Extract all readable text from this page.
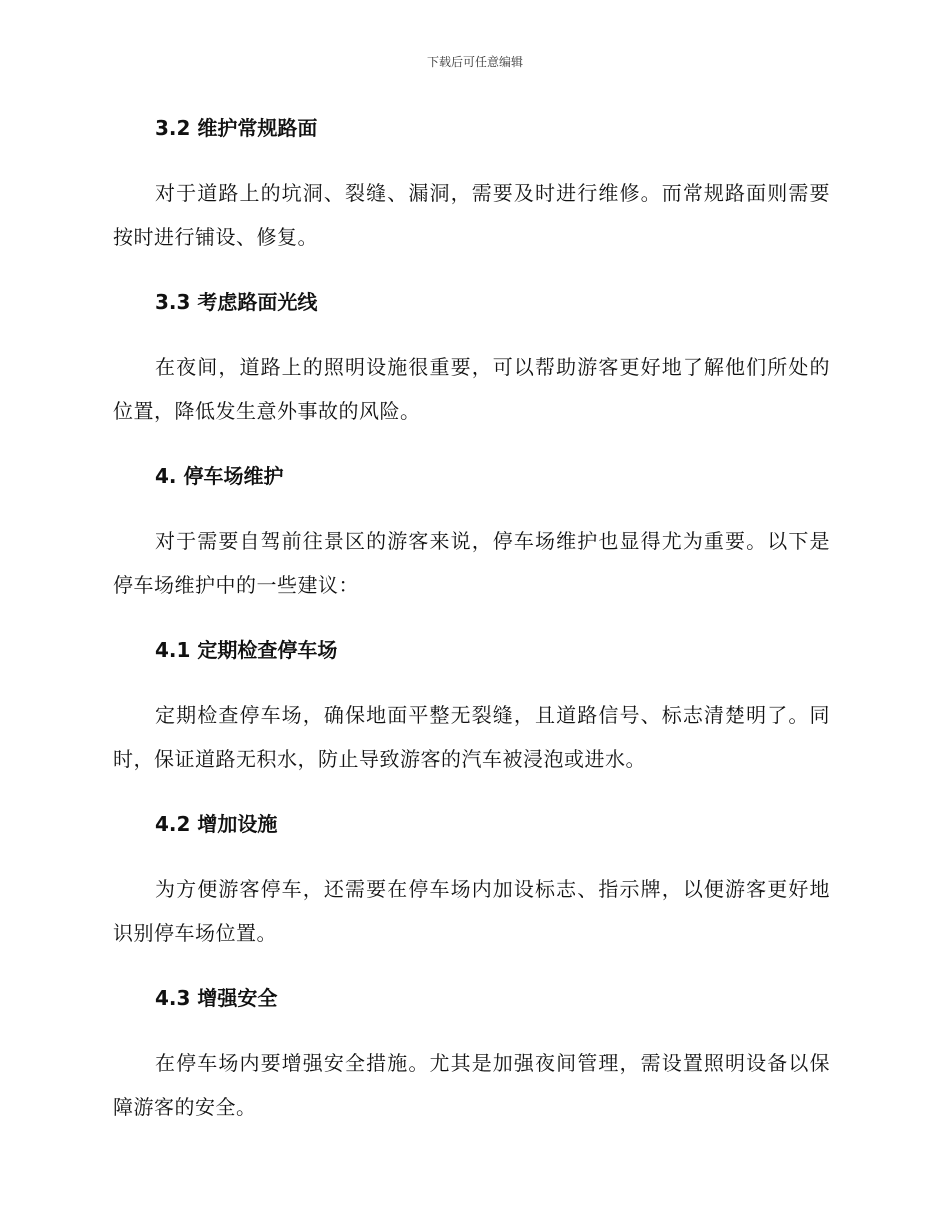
下载后可任意编辑
3.2 维护常规路面
对于道路上的坑洞、裂缝、漏洞，需要及时进行维修。而常规路面则需要按时进行铺设、修复。
3.3 考虑路面光线
在夜间，道路上的照明设施很重要，可以帮助游客更好地了解他们所处的位置，降低发生意外事故的风险。
4. 停车场维护
对于需要自驾前往景区的游客来说，停车场维护也显得尤为重要。以下是停车场维护中的一些建议：
4.1 定期检查停车场
定期检查停车场，确保地面平整无裂缝，且道路信号、标志清楚明了。同时，保证道路无积水，防止导致游客的汽车被浸泡或进水。
4.2 增加设施
为方便游客停车，还需要在停车场内加设标志、指示牌，以便游客更好地识别停车场位置。
4.3 增强安全
在停车场内要增强安全措施。尤其是加强夜间管理，需设置照明设备以保障游客的安全。
